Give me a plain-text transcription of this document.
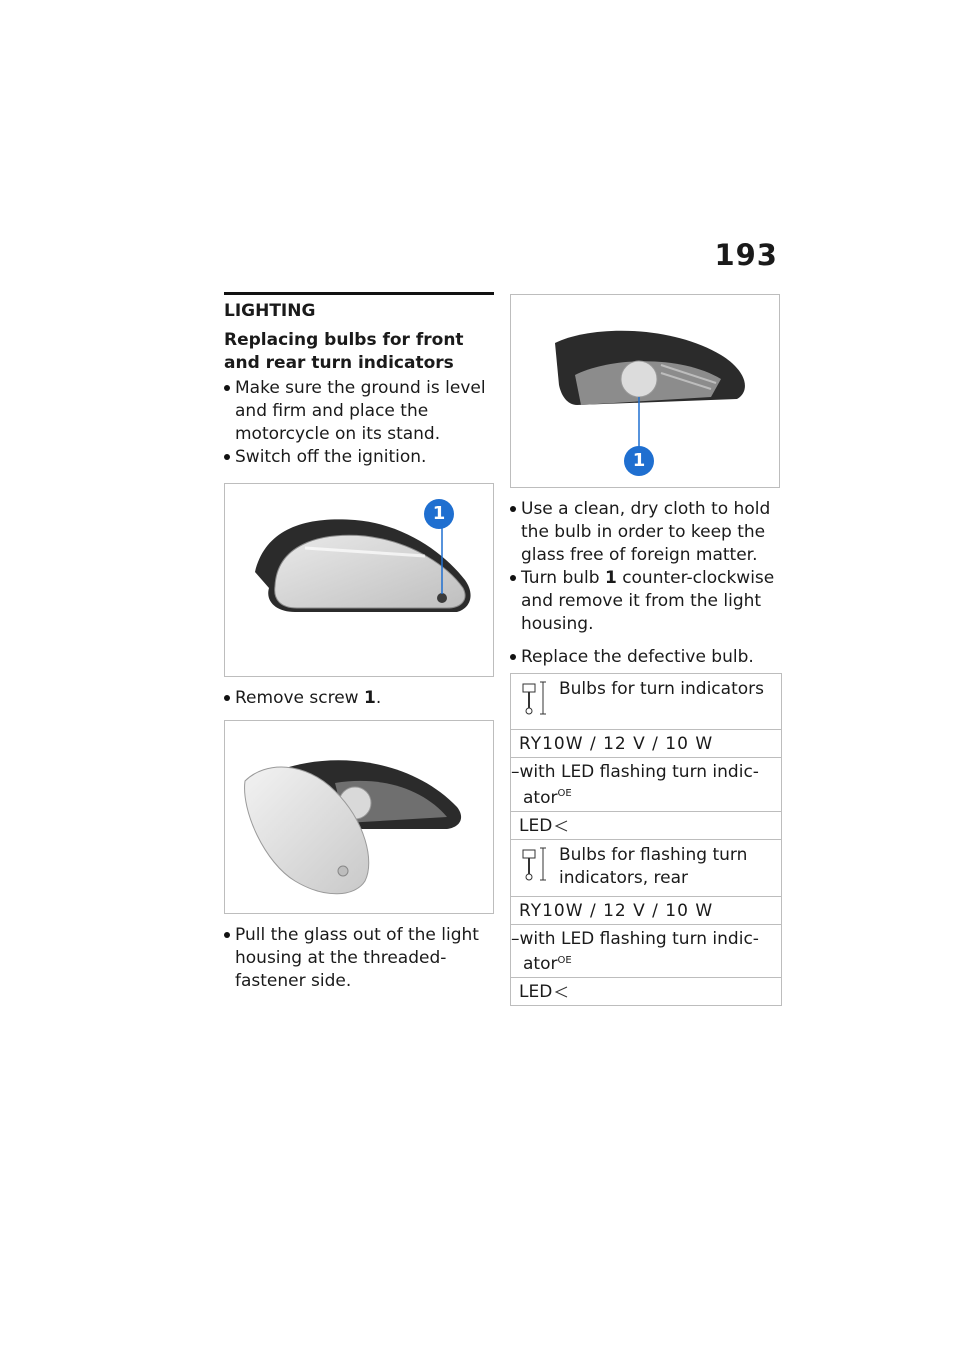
193
LIGHTING
Replacing bulbs for front and rear turn indicators
Make sure the ground is level and firm and place the motorcycle on its stand.
Switch off the ignition.
1
Remove screw 1.
Pull the glass out of the light housing at the threaded-fastener side.
1
Use a clean, dry cloth to hold the bulb in order to keep the glass free of foreign matter.
Turn bulb 1 counter-clockwise and remove it from the light housing.
Replace the defective bulb.
Bulbs for turn indicators
RY10W / 12 V / 10 W
–with LED flashing turn indic-
ator$^{OE}$
LED
Bulbs for flashing turn indicators, rear
RY10W / 12 V / 10 W
–with LED flashing turn indic-
ator$^{OE}$
LED
